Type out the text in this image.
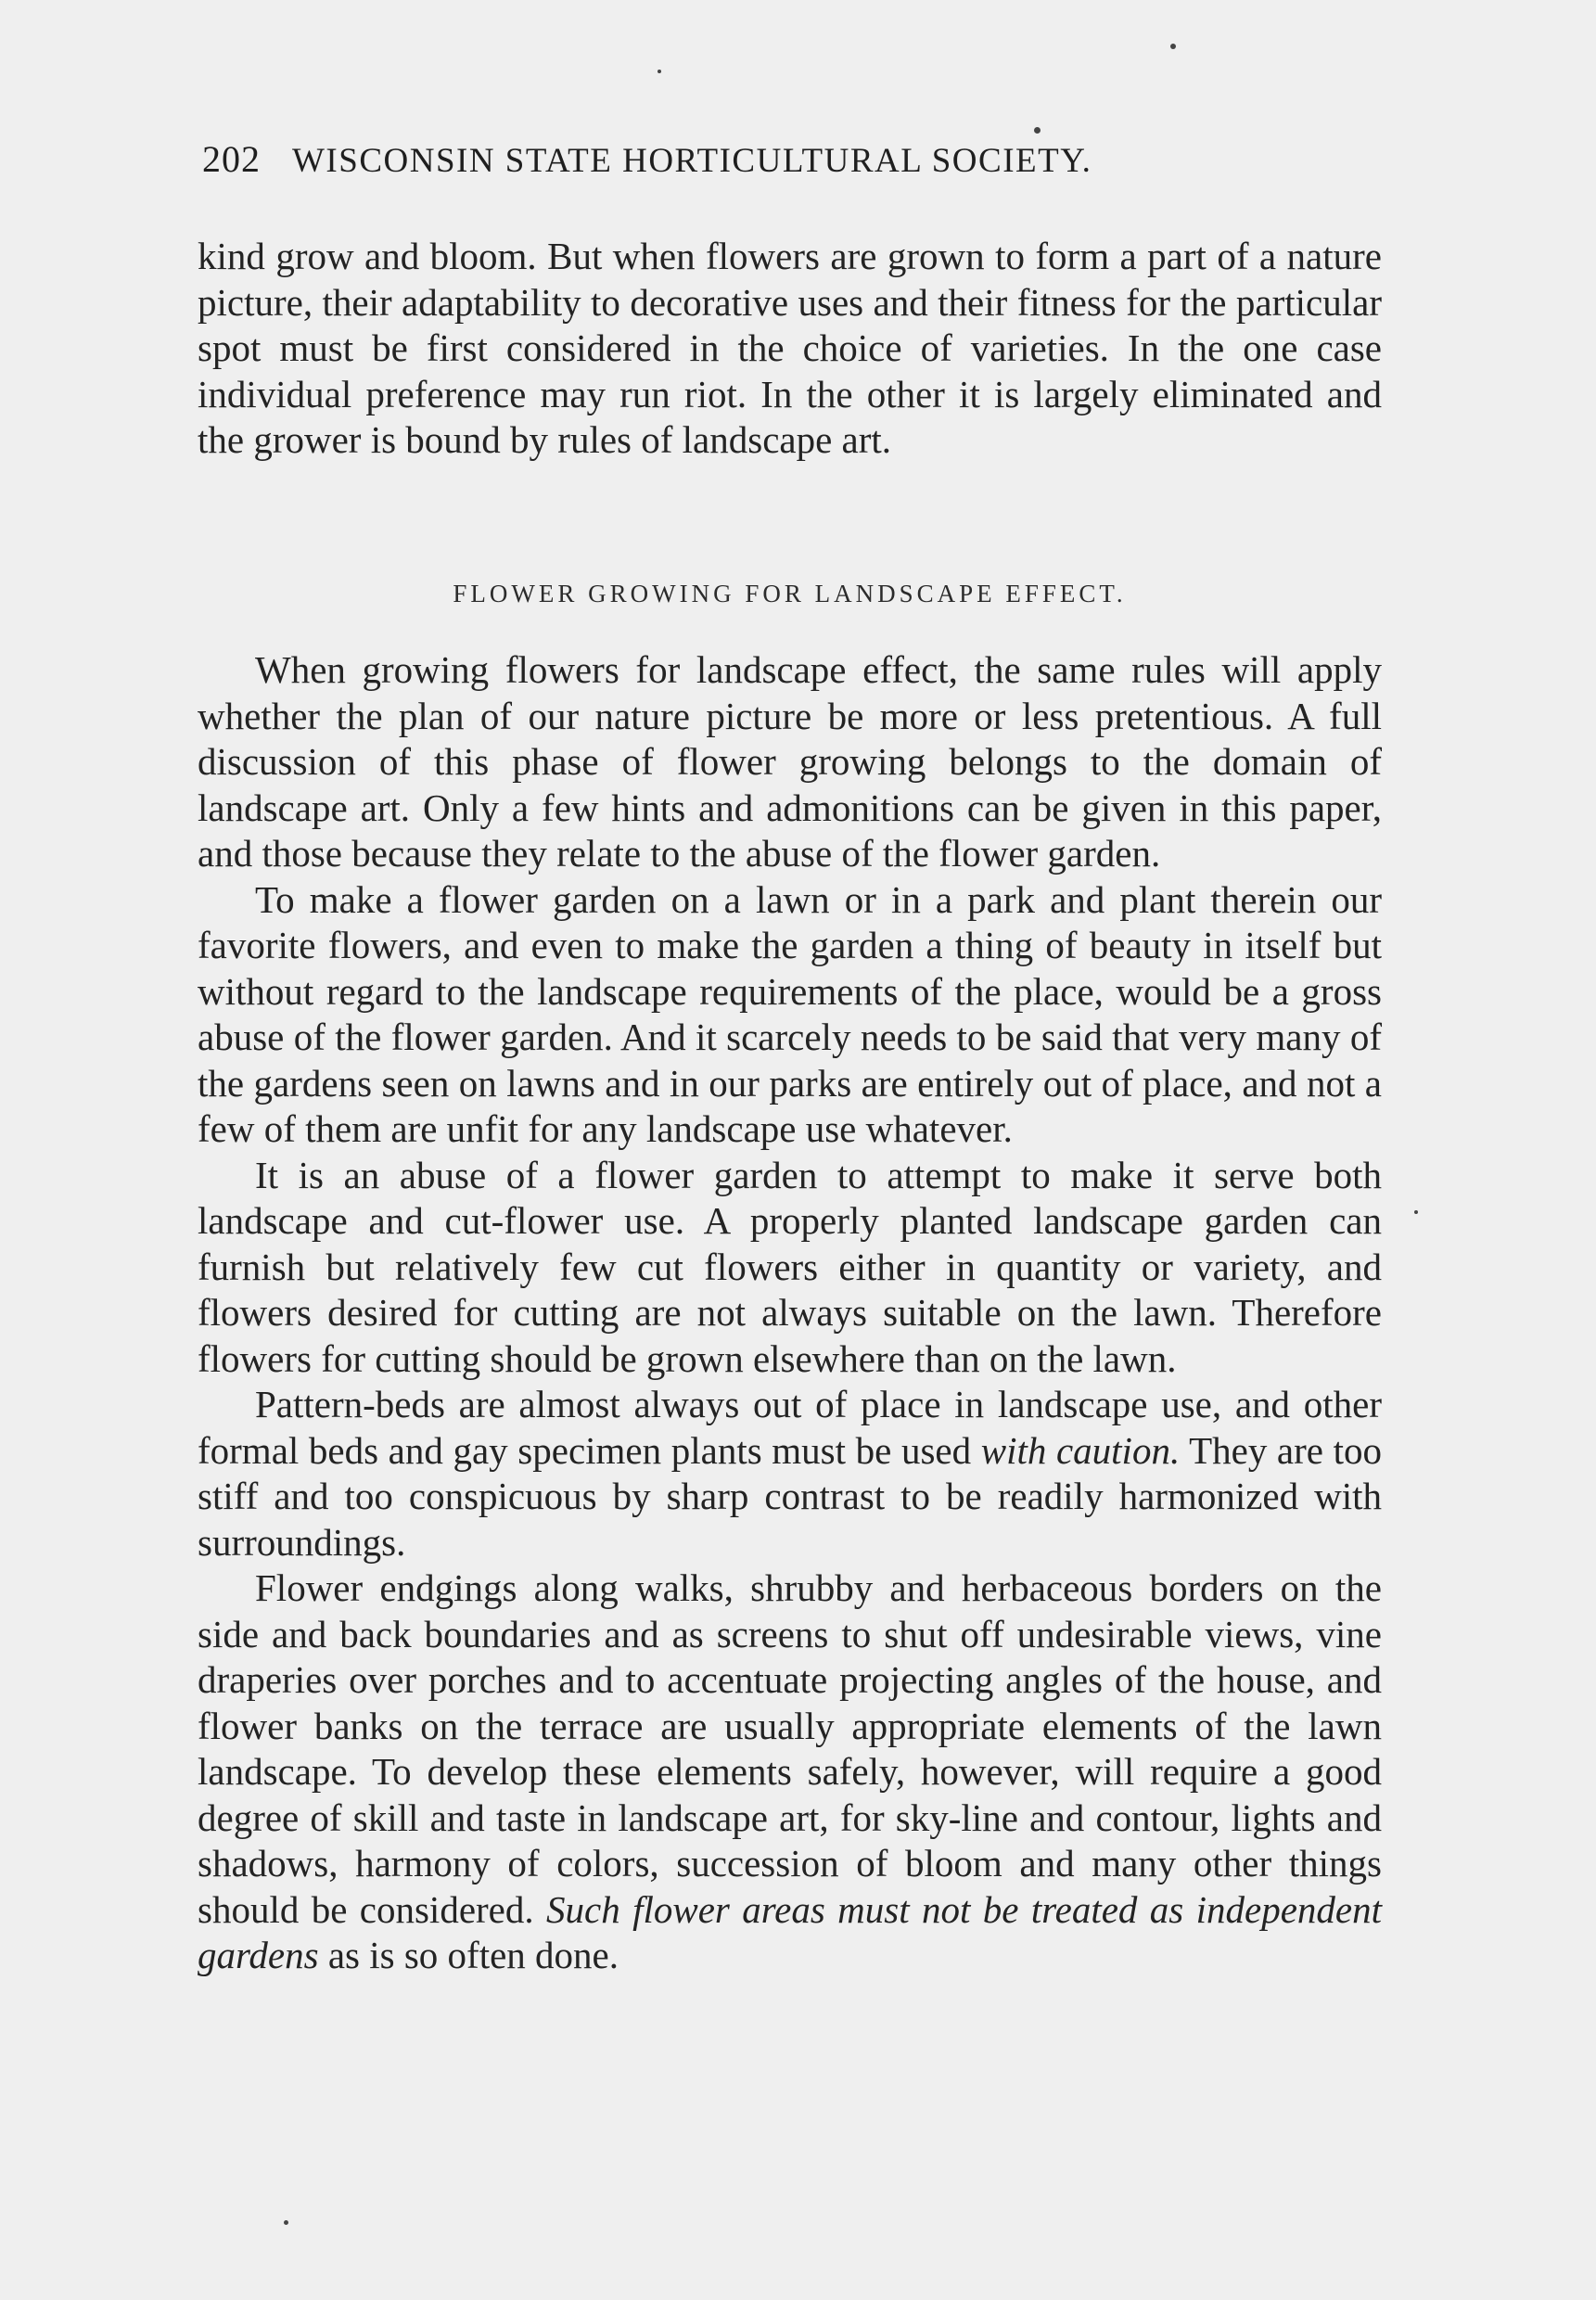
202 WISCONSIN STATE HORTICULTURAL SOCIETY.

kind grow and bloom. But when flowers are grown to form a part of a nature picture, their adaptability to decorative uses and their fitness for the particular spot must be first considered in the choice of varieties. In the one case individual preference may run riot. In the other it is largely eliminated and the grower is bound by rules of landscape art.

FLOWER GROWING FOR LANDSCAPE EFFECT.

When growing flowers for landscape effect, the same rules will apply whether the plan of our nature picture be more or less pretentious. A full discussion of this phase of flower growing belongs to the domain of landscape art. Only a few hints and admonitions can be given in this paper, and those because they relate to the abuse of the flower garden.

To make a flower garden on a lawn or in a park and plant therein our favorite flowers, and even to make the garden a thing of beauty in itself but without regard to the landscape requirements of the place, would be a gross abuse of the flower garden. And it scarcely needs to be said that very many of the gardens seen on lawns and in our parks are entirely out of place, and not a few of them are unfit for any landscape use whatever.

It is an abuse of a flower garden to attempt to make it serve both landscape and cut-flower use. A properly planted landscape garden can furnish but relatively few cut flowers either in quantity or variety, and flowers desired for cutting are not always suitable on the lawn. Therefore flowers for cutting should be grown elsewhere than on the lawn.

Pattern-beds are almost always out of place in landscape use, and other formal beds and gay specimen plants must be used with caution. They are too stiff and too conspicuous by sharp contrast to be readily harmonized with surroundings.

Flower endgings along walks, shrubby and herbaceous borders on the side and back boundaries and as screens to shut off undesirable views, vine draperies over porches and to accentuate projecting angles of the house, and flower banks on the terrace are usually appropriate elements of the lawn landscape. To develop these elements safely, however, will require a good degree of skill and taste in landscape art, for sky-line and contour, lights and shadows, harmony of colors, succession of bloom and many other things should be considered. Such flower areas must not be treated as independent gardens as is so often done.
